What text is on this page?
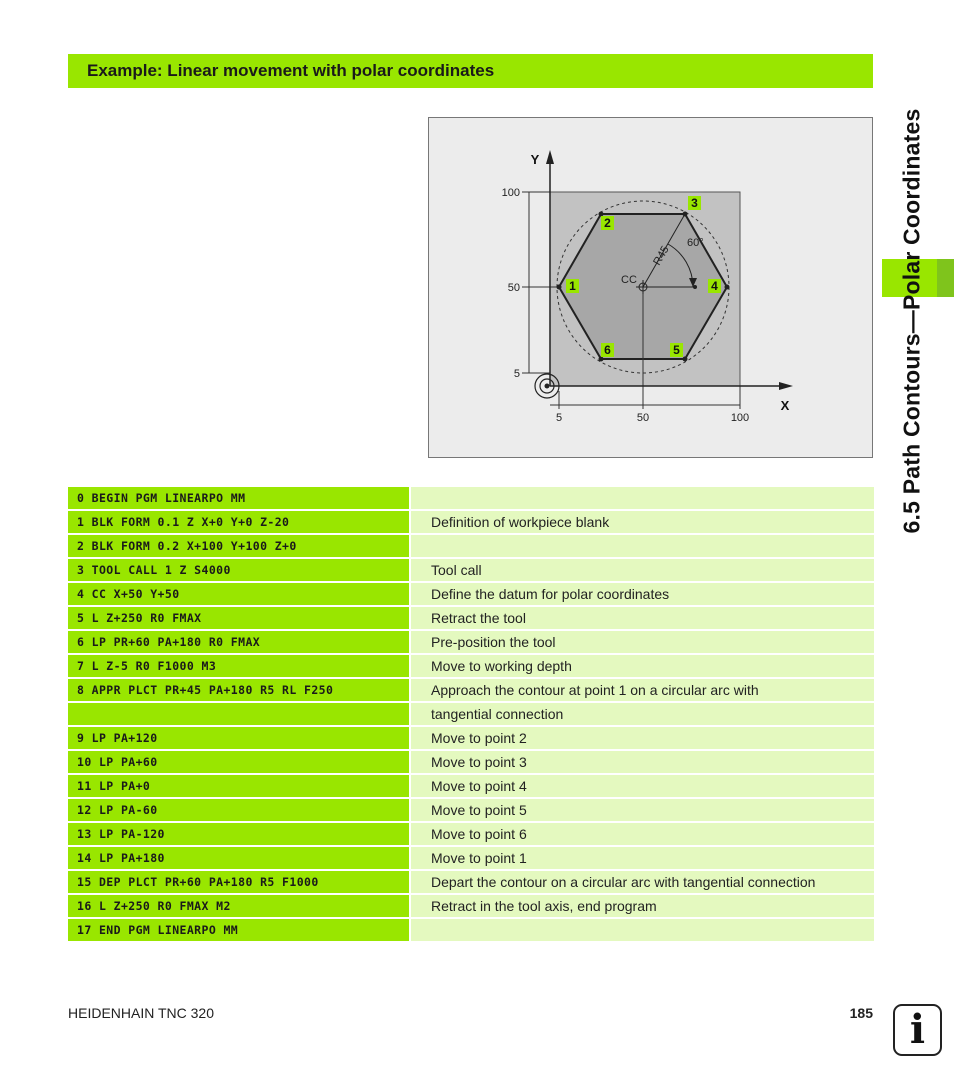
Example: Linear movement with polar coordinates
1
2
3
4
5
6
100
50
5
5	50	100
CC
60°
R45
Y
X
0 BEGIN PGM LINEARPO MM		
1 BLK FORM 0.1 Z X+0 Y+0 Z-20		Definition of workpiece blank
2 BLK FORM 0.2 X+100 Y+100 Z+0		
3 TOOL CALL 1 Z S4000		Tool call
4 CC X+50 Y+50		Define the datum for polar coordinates
5 L Z+250 R0 FMAX		Retract the tool
6 LP PR+60 PA+180 R0 FMAX		Pre-position the tool
7 L Z-5 R0 F1000 M3		Move to working depth
8 APPR PLCT PR+45 PA+180 R5 RL F250		Approach the contour at point 1 on a circular arc with
		tangential connection
9 LP PA+120		Move to point 2
10 LP PA+60		Move to point 3
11 LP PA+0		Move to point 4
12 LP PA-60		Move to point 5
13 LP PA-120		Move to point 6
14 LP PA+180		Move to point 1
15 DEP PLCT PR+60 PA+180 R5 F1000		Depart the contour on a circular arc with tangential connection
16 L Z+250 R0 FMAX M2		Retract in the tool axis, end program
17 END PGM LINEARPO MM		
6.5 Path Contours—Polar Coordinates
HEIDENHAIN TNC 320	185 i
